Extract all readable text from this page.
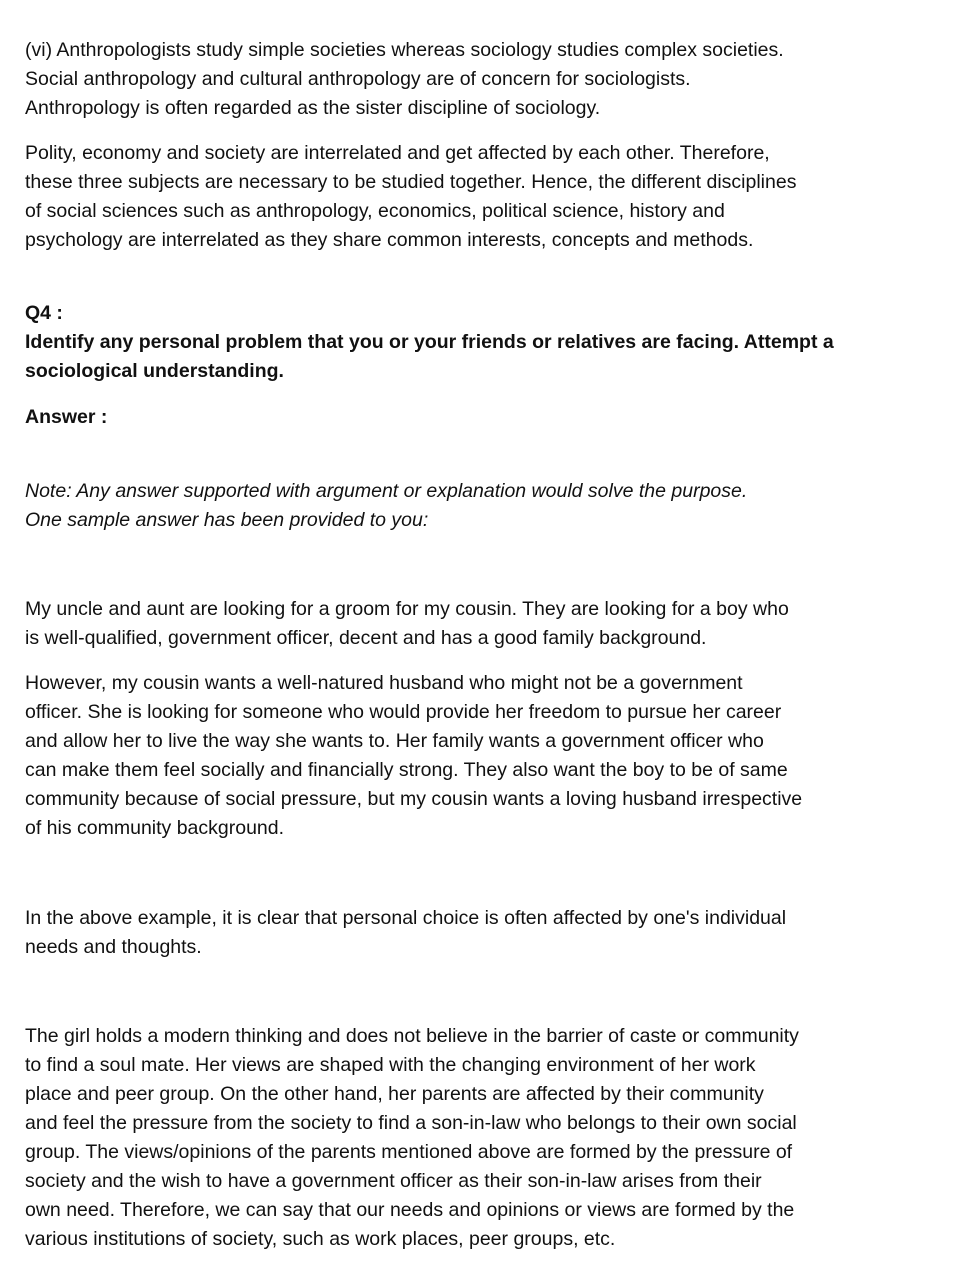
(vi) Anthropologists study simple societies whereas sociology studies complex societies.
Social anthropology and cultural anthropology are of concern for sociologists.
Anthropology is often regarded as the sister discipline of sociology.

Polity, economy and society are interrelated and get affected by each other. Therefore,
these three subjects are necessary to be studied together. Hence, the different disciplines
of social sciences such as anthropology, economics, political science, history and
psychology are interrelated as they share common interests, concepts and methods.

Q4 :

Identify any personal problem that you or your friends or relatives are facing. Attempt a
sociological understanding.

Answer :

Note: Any answer supported with argument or explanation would solve the purpose.
One sample answer has been provided to you:

My uncle and aunt are looking for a groom for my cousin. They are looking for a boy who
is well-qualified, government officer, decent and has a good family background.

However, my cousin wants a well-natured husband who might not be a government
officer. She is looking for someone who would provide her freedom to pursue her career
and allow her to live the way she wants to. Her family wants a government officer who
can make them feel socially and financially strong. They also want the boy to be of same
community because of social pressure, but my cousin wants a loving husband irrespective
of his community background.

In the above example, it is clear that personal choice is often affected by one's individual
needs and thoughts.

The girl holds a modern thinking and does not believe in the barrier of caste or community
to find a soul mate. Her views are shaped with the changing environment of her work
place and peer group. On the other hand, her parents are affected by their community
and feel the pressure from the society to find a son-in-law who belongs to their own social
group. The views/opinions of the parents mentioned above are formed by the pressure of
society and the wish to have a government officer as their son-in-law arises from their
own need. Therefore, we can say that our needs and opinions or views are formed by the
various institutions of society, such as work places, peer groups, etc.
